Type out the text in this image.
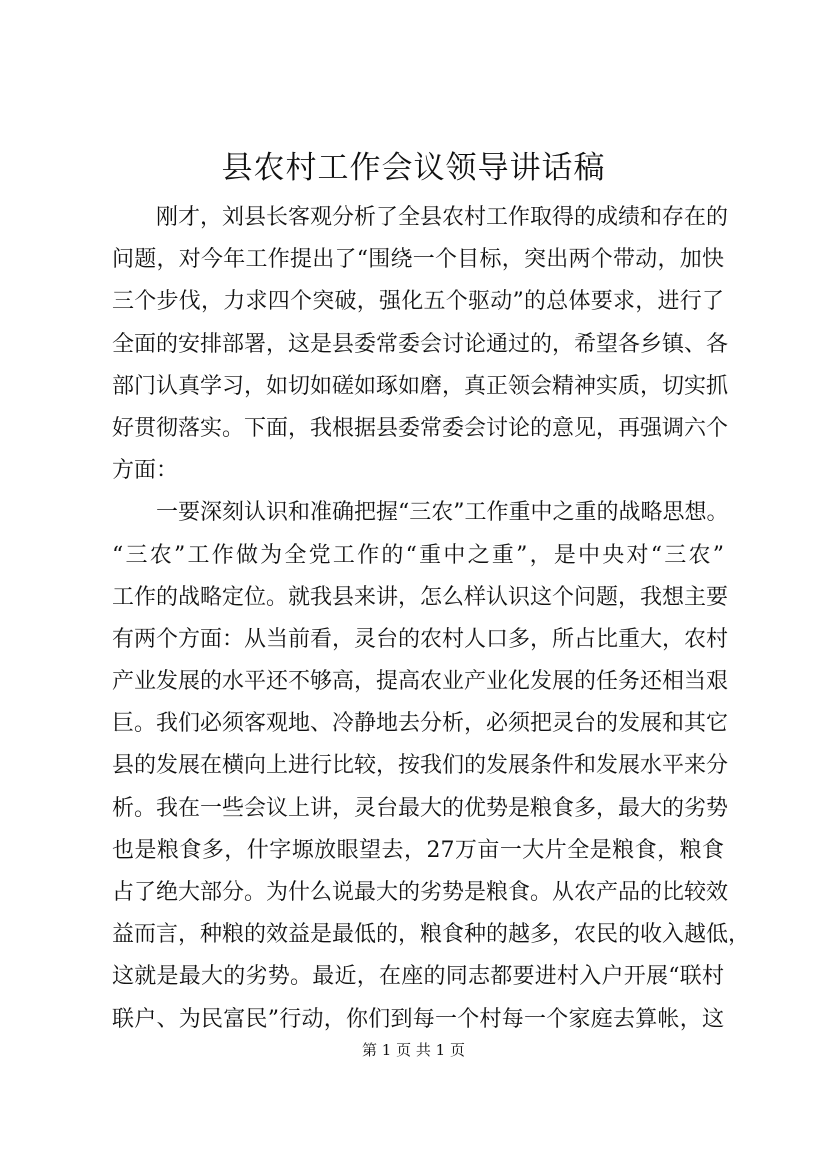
县农村工作会议领导讲话稿

刚才，刘县长客观分析了全县农村工作取得的成绩和存在的
问题，对今年工作提出了“围绕一个目标，突出两个带动，加快
三个步伐，力求四个突破，强化五个驱动”的总体要求，进行了
全面的安排部署，这是县委常委会讨论通过的，希望各乡镇、各
部门认真学习，如切如磋如琢如磨，真正领会精神实质，切实抓
好贯彻落实。下面，我根据县委常委会讨论的意见，再强调六个
方面：

一要深刻认识和准确把握“三农”工作重中之重的战略思想。
“三农”工作做为全党工作的“重中之重”，是中央对“三农”
工作的战略定位。就我县来讲，怎么样认识这个问题，我想主要
有两个方面：从当前看，灵台的农村人口多，所占比重大，农村
产业发展的水平还不够高，提高农业产业化发展的任务还相当艰
巨。我们必须客观地、冷静地去分析，必须把灵台的发展和其它
县的发展在横向上进行比较，按我们的发展条件和发展水平来分
析。我在一些会议上讲，灵台最大的优势是粮食多，最大的劣势
也是粮食多，什字塬放眼望去，27万亩一大片全是粮食，粮食
占了绝大部分。为什么说最大的劣势是粮食。从农产品的比较效
益而言，种粮的效益是最低的，粮食种的越多，农民的收入越低，
这就是最大的劣势。最近，在座的同志都要进村入户开展“联村
联户、为民富民”行动，你们到每一个村每一个家庭去算帐，这

第 1 页 共 1 页
